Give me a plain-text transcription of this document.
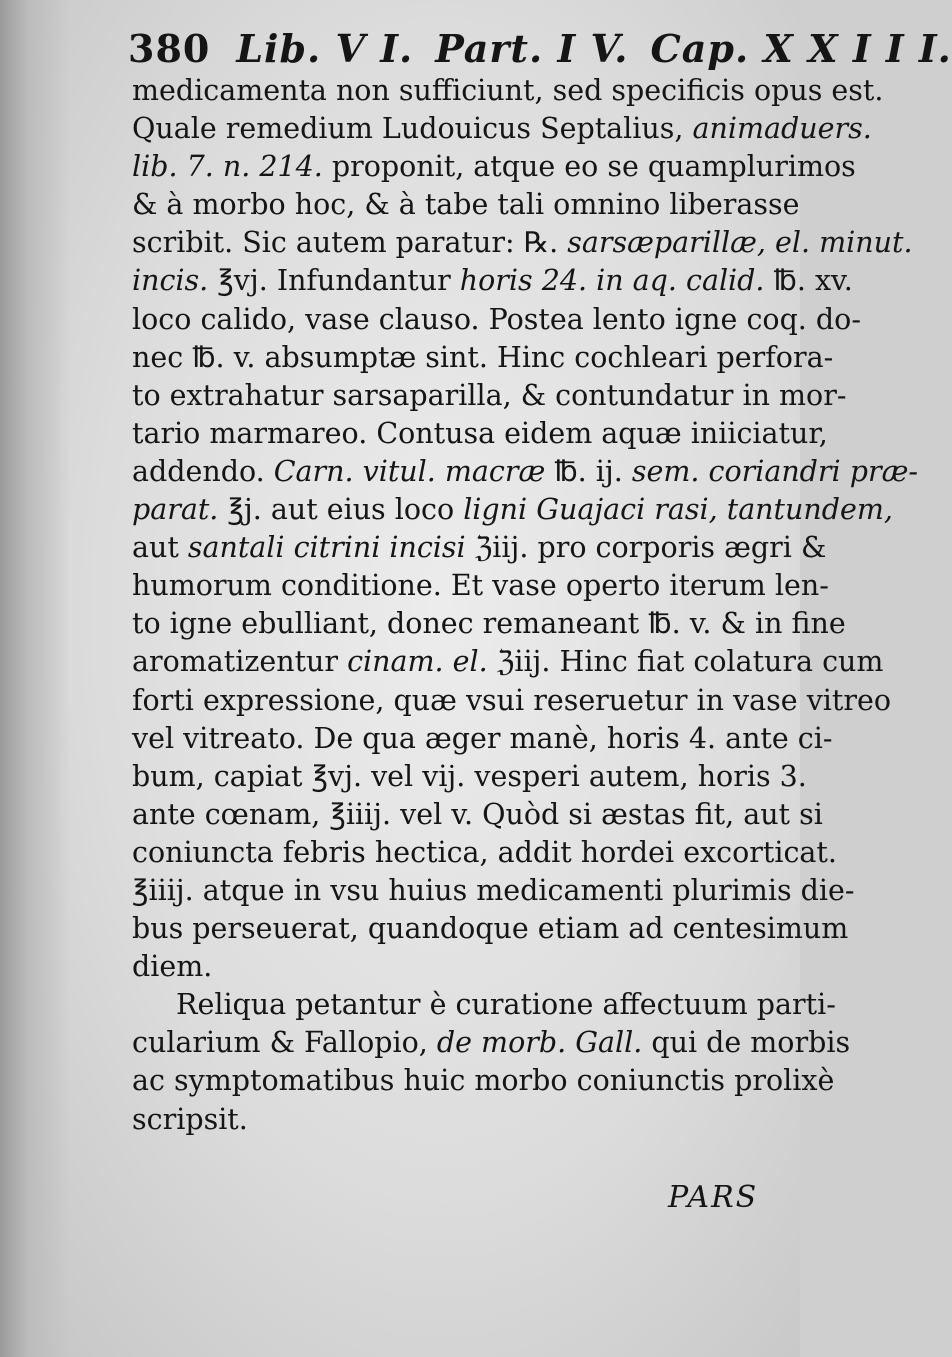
380 Lib. V I. Part. I V. Cap. X X I I I.
medicamenta non sufficiunt, sed specificis opus est.
Quale remedium Ludouicus Septalius, animaduers.
lib. 7. n. 214. proponit, atque eo se quamplurimos
& à morbo hoc, & à tabe tali omnino liberasse
scribit. Sic autem paratur: ℞. sarsæparillæ, el. minut.
incis. ℥vj. Infundantur horis 24. in aq. calid. ℔. xv.
loco calido, vase clauso. Postea lento igne coq. do-
nec ℔. v. absumptæ sint. Hinc cochleari perfora-
to extrahatur sarsaparilla, & contundatur in mor-
tario marmareo. Contusa eidem aquæ iniiciatur,
addendo. Carn. vitul. macræ ℔. ij. sem. coriandri præ-
parat. ℥j. aut eius loco ligni Guajaci rasi, tantundem,
aut santali citrini incisi ℨiij. pro corporis ægri &
humorum conditione. Et vase operto iterum len-
to igne ebulliant, donec remaneant ℔. v. & in fine
aromatizentur cinam. el. ℨiij. Hinc fiat colatura cum
forti expressione, quæ vsui reseruetur in vase vitreo
vel vitreato. De qua æger manè, horis 4. ante ci-
bum, capiat ℥vj. vel vij. vesperi autem, horis 3.
ante cœnam, ℥iiij. vel v. Quòd si æstas fit, aut si
coniuncta febris hectica, addit hordei excorticat.
℥iiij. atque in vsu huius medicamenti plurimis die-
bus perseuerat, quandoque etiam ad centesimum
diem.
Reliqua petantur è curatione affectuum parti-
cularium & Fallopio, de morb. Gall. qui de morbis
ac symptomatibus huic morbo coniunctis prolixè
scripsit.
PARS
